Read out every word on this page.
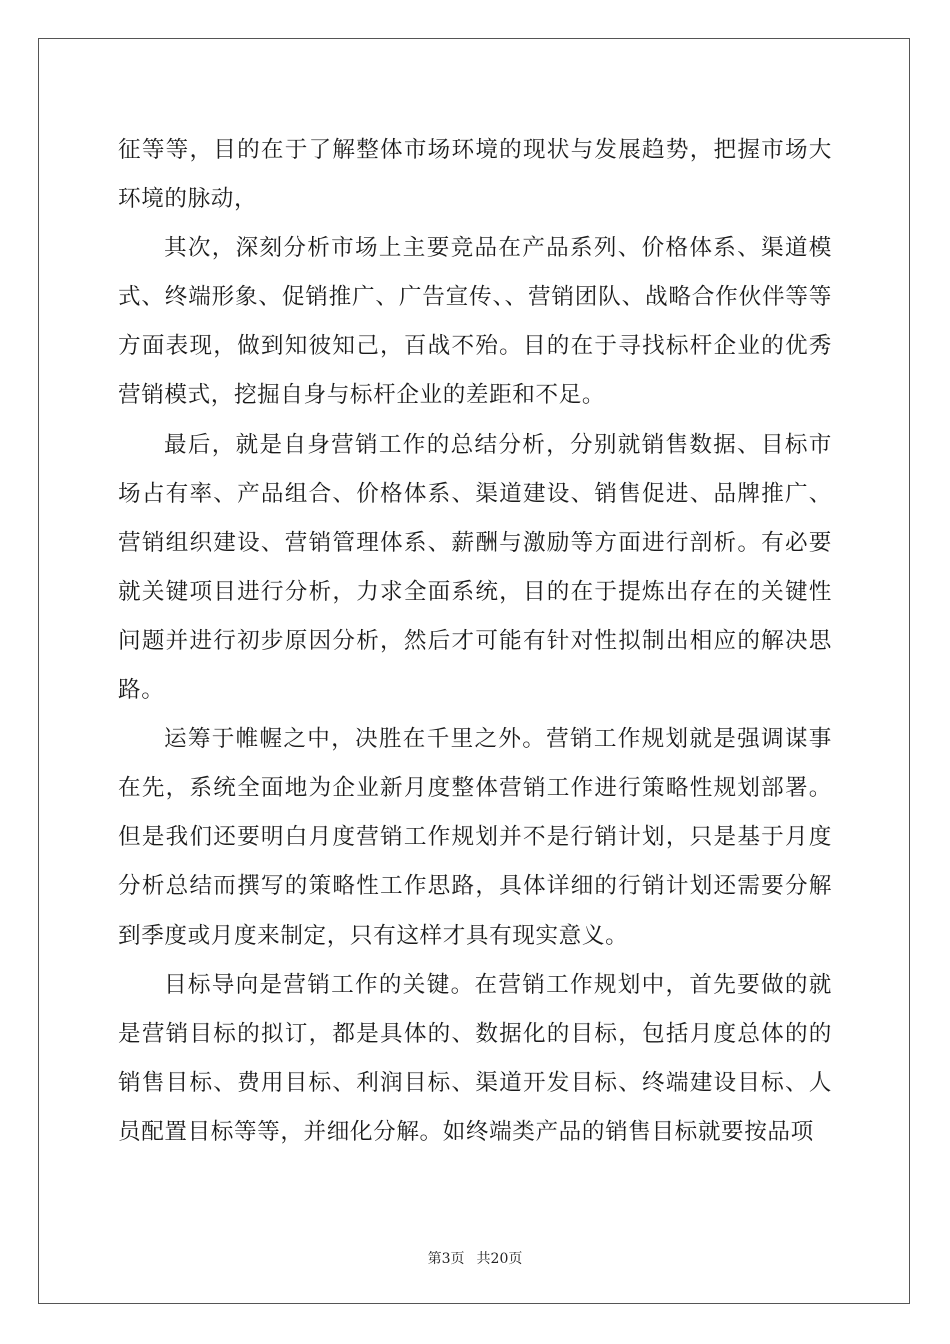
征等等，目的在于了解整体市场环境的现状与发展趋势，把握市场大环境的脉动，

其次，深刻分析市场上主要竞品在产品系列、价格体系、渠道模式、终端形象、促销推广、广告宣传、、营销团队、战略合作伙伴等等方面表现，做到知彼知己，百战不殆。目的在于寻找标杆企业的优秀营销模式，挖掘自身与标杆企业的差距和不足。

最后，就是自身营销工作的总结分析，分别就销售数据、目标市场占有率、产品组合、价格体系、渠道建设、销售促进、品牌推广、营销组织建设、营销管理体系、薪酬与激励等方面进行剖析。有必要就关键项目进行分析，力求全面系统，目的在于提炼出存在的关键性问题并进行初步原因分析，然后才可能有针对性拟制出相应的解决思路。

运筹于帷幄之中，决胜在千里之外。营销工作规划就是强调谋事在先，系统全面地为企业新月度整体营销工作进行策略性规划部署。但是我们还要明白月度营销工作规划并不是行销计划，只是基于月度分析总结而撰写的策略性工作思路，具体详细的行销计划还需要分解到季度或月度来制定，只有这样才具有现实意义。

目标导向是营销工作的关键。在营销工作规划中，首先要做的就是营销目标的拟订，都是具体的、数据化的目标，包括月度总体的的销售目标、费用目标、利润目标、渠道开发目标、终端建设目标、人员配置目标等等，并细化分解。如终端类产品的销售目标就要按品项

第3页 共20页
